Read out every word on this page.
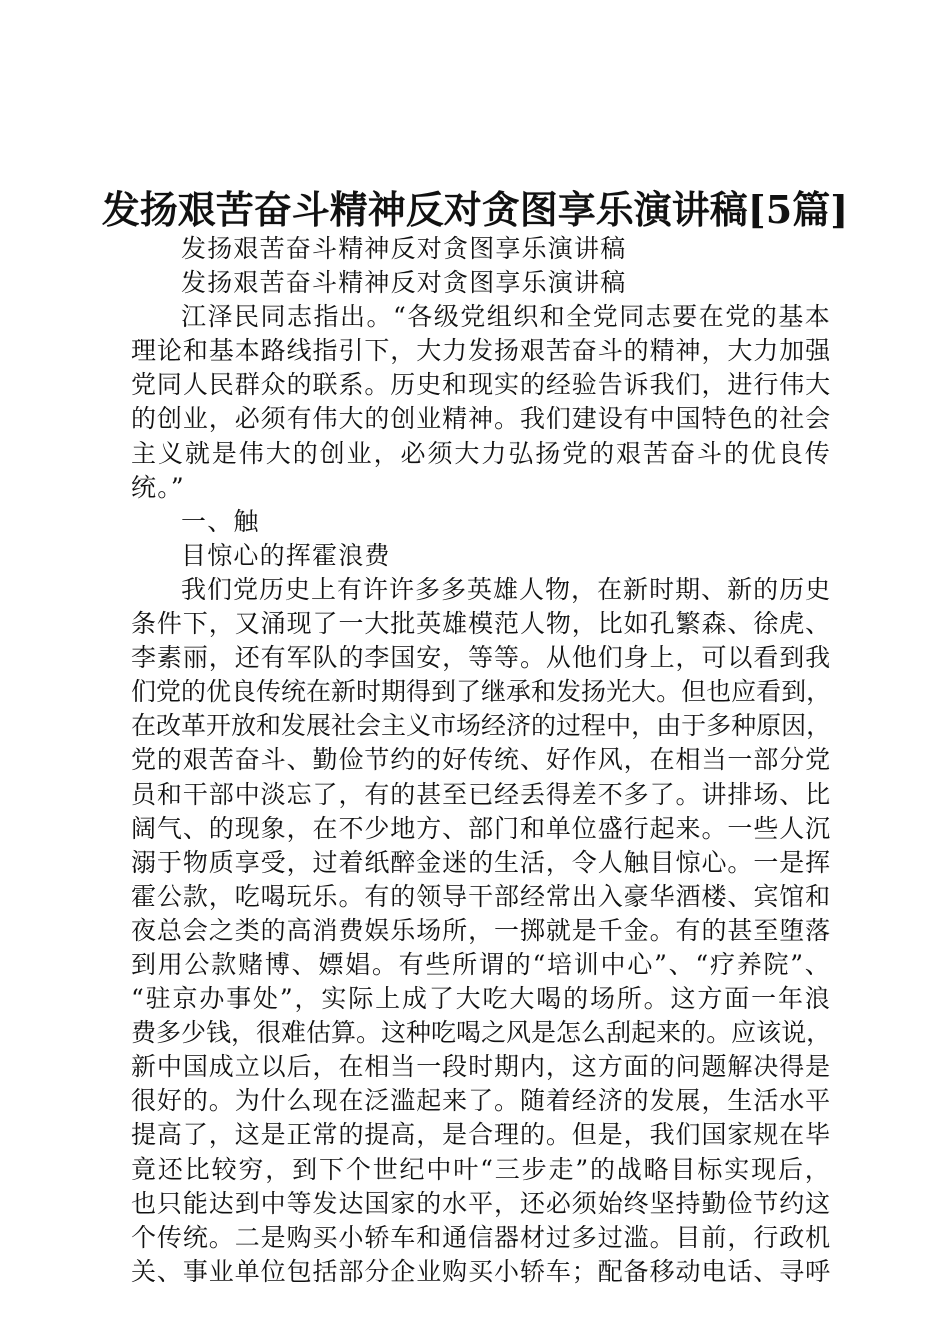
发扬艰苦奋斗精神反对贪图享乐演讲稿[5篇]
发扬艰苦奋斗精神反对贪图享乐演讲稿
发扬艰苦奋斗精神反对贪图享乐演讲稿
江泽民同志指出。“各级党组织和全党同志要在党的基本
理论和基本路线指引下，大力发扬艰苦奋斗的精神，大力加强
党同人民群众的联系。历史和现实的经验告诉我们，进行伟大
的创业，必须有伟大的创业精神。我们建设有中国特色的社会
主义就是伟大的创业，必须大力弘扬党的艰苦奋斗的优良传
统。”
一、触
目惊心的挥霍浪费
我们党历史上有许许多多英雄人物，在新时期、新的历史
条件下，又涌现了一大批英雄模范人物，比如孔繁森、徐虎、
李素丽，还有军队的李国安，等等。从他们身上，可以看到我
们党的优良传统在新时期得到了继承和发扬光大。但也应看到，
在改革开放和发展社会主义市场经济的过程中，由于多种原因，
党的艰苦奋斗、勤俭节约的好传统、好作风，在相当一部分党
员和干部中淡忘了，有的甚至已经丢得差不多了。讲排场、比
阔气、的现象，在不少地方、部门和单位盛行起来。一些人沉
溺于物质享受，过着纸醉金迷的生活，令人触目惊心。一是挥
霍公款，吃喝玩乐。有的领导干部经常出入豪华酒楼、宾馆和
夜总会之类的高消费娱乐场所，一掷就是千金。有的甚至堕落
到用公款赌博、嫖娼。有些所谓的“培训中心”、“疗养院”、
“驻京办事处”，实际上成了大吃大喝的场所。这方面一年浪
费多少钱，很难估算。这种吃喝之风是怎么刮起来的。应该说，
新中国成立以后，在相当一段时期内，这方面的问题解决得是
很好的。为什么现在泛滥起来了。随着经济的发展，生活水平
提高了，这是正常的提高，是合理的。但是，我们国家规在毕
竟还比较穷，到下个世纪中叶“三步走”的战略目标实现后，
也只能达到中等发达国家的水平，还必须始终坚持勤俭节约这
个传统。二是购买小轿车和通信器材过多过滥。目前，行政机
关、事业单位包括部分企业购买小轿车；配备移动电话、寻呼
